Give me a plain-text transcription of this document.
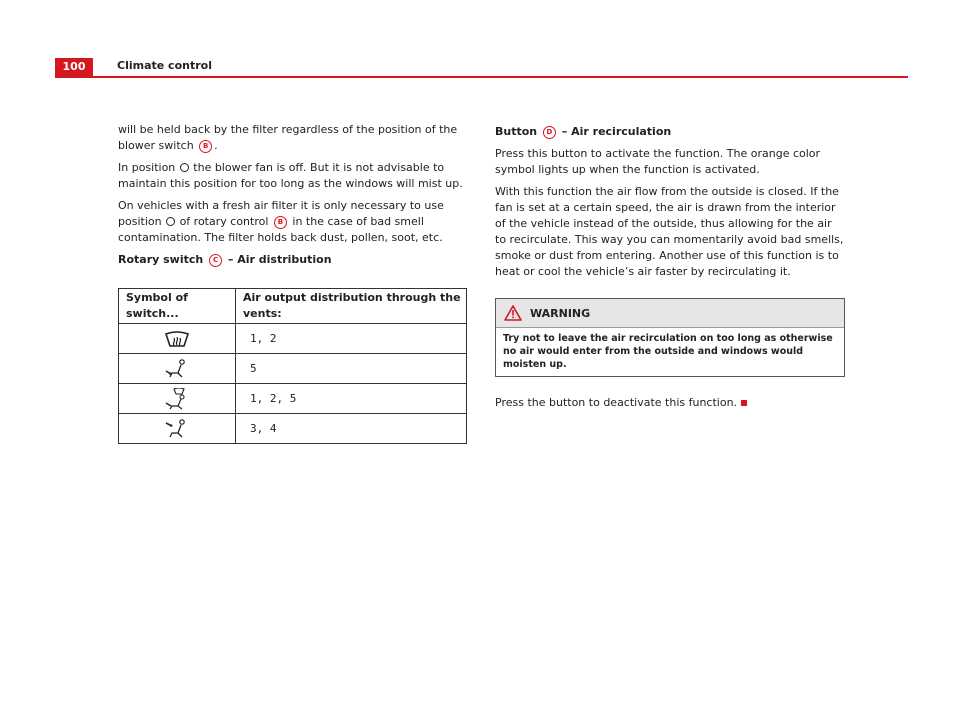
100	Climate control

will be held back by the filter regardless of the position of the blower switch B .

In position  the blower fan is off. But it is not advisable to maintain this position for too long as the windows will mist up.

On vehicles with a fresh air filter it is only necessary to use position  of rotary control B in the case of bad smell contamination. The filter holds back dust, pollen, soot, etc.

Rotary switch C – Air distribution
Symbol of switch...	Air output distribution through the vents:
	1, 2
	5
	1, 2, 5
	3, 4
Button D – Air recirculation

Press this button to activate the function. The orange color symbol lights up when the function is activated.

With this function the air flow from the outside is closed. If the fan is set at a certain speed, the air is drawn from the interior of the vehicle instead of the outside, thus allowing for the air to recirculate. This way you can momentarily avoid bad smells, smoke or dust from entering. Another use of this function is to heat or cool the vehicle’s air faster by recirculating it.

WARNING
Try not to leave the air recirculation on too long as otherwise no air would enter from the outside and windows would moisten up.

Press the button to deactivate this function.
